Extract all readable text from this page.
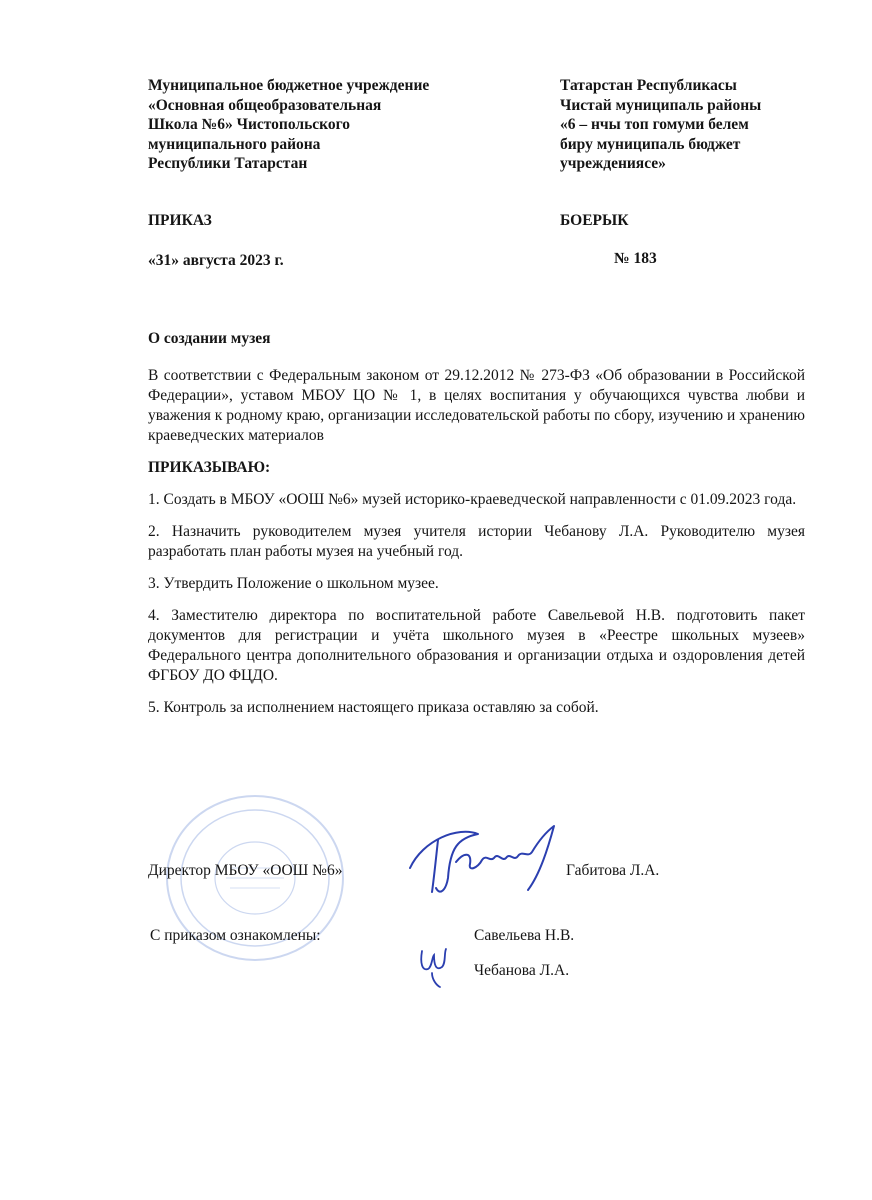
Муниципальное бюджетное учреждение
«Основная общеобразовательная
Школа №6» Чистопольского
муниципального района
Республики Татарстан
Татарстан Республикасы
Чистай муниципаль районы
«6 – нчы топ гомуми белем
биру муниципаль бюджет
учреждениясе»
ПРИКАЗ	БОЕРЫК
«31» августа 2023 г.	№ 183
О создании музея

В соответствии с Федеральным законом от 29.12.2012 № 273-ФЗ «Об образовании в Российской Федерации», уставом МБОУ ЦО № 1, в целях воспитания у обучающихся чувства любви и уважения к родному краю, организации исследовательской работы по сбору, изучению и хранению краеведческих материалов

ПРИКАЗЫВАЮ:

1. Создать в МБОУ «ООШ №6» музей историко-краеведческой направленности с 01.09.2023 года.

2. Назначить руководителем музея учителя истории Чебанову Л.А. Руководителю музея разработать план работы музея на учебный год.

3. Утвердить Положение о школьном музее.

4. Заместителю директора по воспитательной работе Савельевой Н.В. подготовить пакет документов для регистрации и учёта школьного музея в «Реестре школьных музеев» Федерального центра дополнительного образования и организации отдыха и оздоровления детей ФГБОУ ДО ФЦДО.

5. Контроль за исполнением настоящего приказа оставляю за собой.

Директор МБОУ «ООШ №6»	Габитова Л.А.
С приказом ознакомлены:	Савельева Н.В.
Чебанова Л.А.
